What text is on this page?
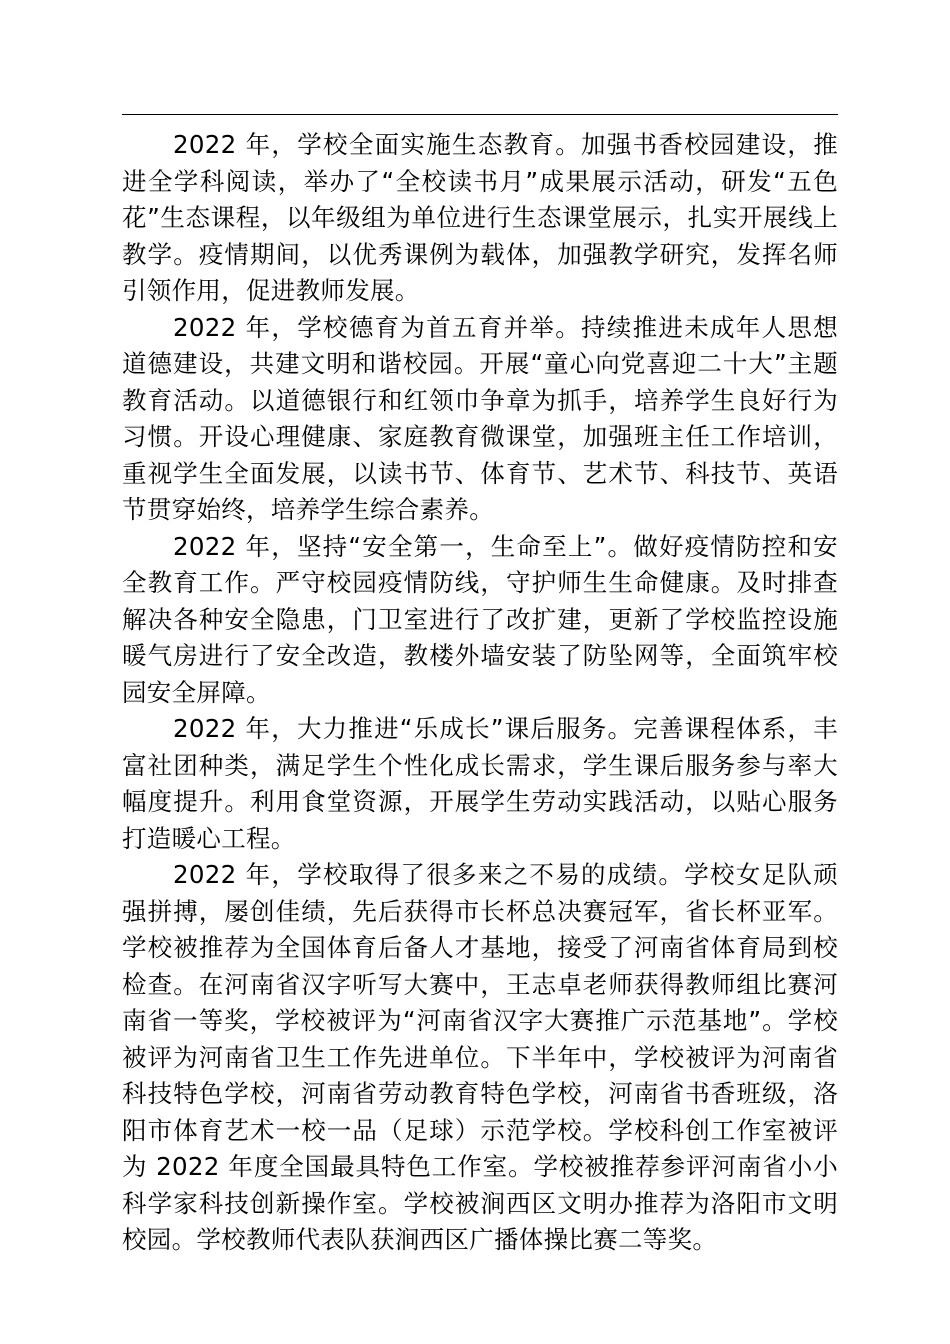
2022 年，学校全面实施生态教育。加强书香校园建设，推进全学科阅读，举办了“全校读书月”成果展示活动，研发“五色花”生态课程，以年级组为单位进行生态课堂展示，扎实开展线上教学。疫情期间，以优秀课例为载体，加强教学研究，发挥名师引领作用，促进教师发展。

2022 年，学校德育为首五育并举。持续推进未成年人思想道德建设，共建文明和谐校园。开展“童心向党喜迎二十大”主题教育活动。以道德银行和红领巾争章为抓手，培养学生良好行为习惯。开设心理健康、家庭教育微课堂，加强班主任工作培训，重视学生全面发展，以读书节、体育节、艺术节、科技节、英语节贯穿始终，培养学生综合素养。

2022 年，坚持“安全第一，生命至上”。做好疫情防控和安全教育工作。严守校园疫情防线，守护师生生命健康。及时排查解决各种安全隐患，门卫室进行了改扩建，更新了学校监控设施暖气房进行了安全改造，教楼外墙安装了防坠网等，全面筑牢校园安全屏障。

2022 年，大力推进“乐成长”课后服务。完善课程体系，丰富社团种类，满足学生个性化成长需求，学生课后服务参与率大幅度提升。利用食堂资源，开展学生劳动实践活动，以贴心服务打造暖心工程。

2022 年，学校取得了很多来之不易的成绩。学校女足队顽强拼搏，屡创佳绩，先后获得市长杯总决赛冠军，省长杯亚军。学校被推荐为全国体育后备人才基地，接受了河南省体育局到校检查。在河南省汉字听写大赛中，王志卓老师获得教师组比赛河南省一等奖，学校被评为“河南省汉字大赛推广示范基地”。学校被评为河南省卫生工作先进单位。下半年中，学校被评为河南省科技特色学校，河南省劳动教育特色学校，河南省书香班级，洛阳市体育艺术一校一品（足球）示范学校。学校科创工作室被评为 2022 年度全国最具特色工作室。学校被推荐参评河南省小小科学家科技创新操作室。学校被涧西区文明办推荐为洛阳市文明校园。学校教师代表队获涧西区广播体操比赛二等奖。
